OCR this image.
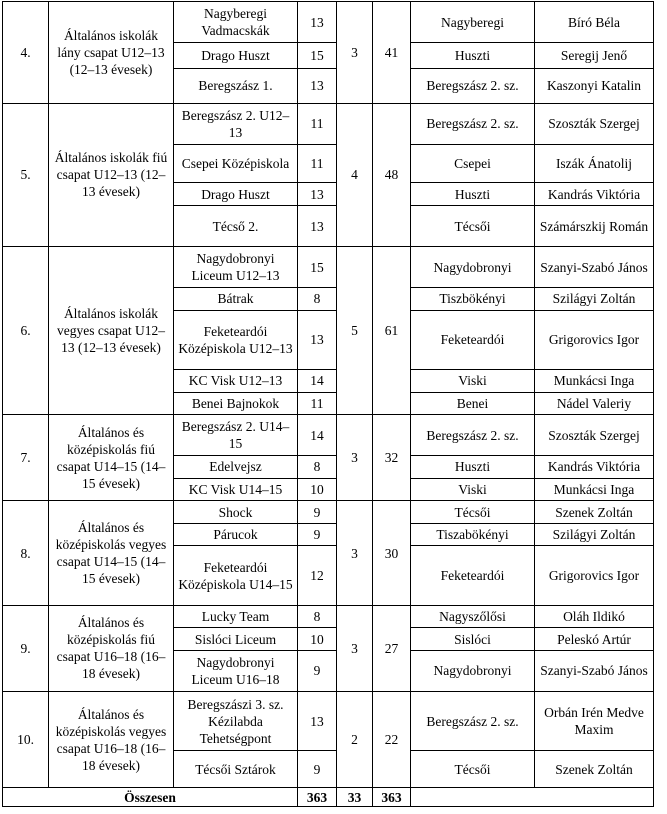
4.	Általános iskolák lány csapat U12–13 (12–13 évesek)	Nagyberegi Vadmacskák	13	3	41	Nagyberegi	Bíró Béla
		Drago Huszt	15			Huszti	Seregij Jenő
		Beregszász 1.	13			Beregszász 2. sz.	Kaszonyi Katalin
5.	Általános iskolák fiú csapat U12–13 (12–13 évesek)	Beregszász 2. U12–13	11	4	48	Beregszász 2. sz.	Szoszták Szergej
		Csepei Középiskola	11			Csepei	Iszák Ánatolij
		Drago Huszt	13			Huszti	Kandrás Viktória
		Técső 2.	13			Técsői	Számárszkij Román
6.	Általános iskolák vegyes csapat U12–13 (12–13 évesek)	Nagydobronyi Liceum U12–13	15	5	61	Nagydobronyi	Szanyi-Szabó János
		Bátrak	8			Tiszbökényi	Szilágyi Zoltán
		Feketeardói Középiskola U12–13	13			Feketeardói	Grigorovics Igor
		KC Visk U12–13	14			Viski	Munkácsi Inga
		Benei Bajnokok	11			Benei	Nádel Valeriy
7.	Általános és középiskolás fiú csapat U14–15 (14–15 évesek)	Beregszász 2. U14–15	14	3	32	Beregszász 2. sz.	Szoszták Szergej
		Edelvejsz	8			Huszti	Kandrás Viktória
		KC Visk U14–15	10			Viski	Munkácsi Inga
8.	Általános és középiskolás vegyes csapat U14–15 (14–15 évesek)	Shock	9	3	30	Técsői	Szenek Zoltán
		Párucok	9			Tiszabökényi	Szilágyi Zoltán
		Feketeardói Középiskola U14–15	12			Feketeardói	Grigorovics Igor
9.	Általános és középiskolás fiú csapat U16–18 (16–18 évesek)	Lucky Team	8	3	27	Nagyszőlősi	Oláh Ildikó
		Sislóci Liceum	10			Sislóci	Peleskó Artúr
		Nagydobronyi Liceum U16–18	9			Nagydobronyi	Szanyi-Szabó János
10.	Általános és középiskolás vegyes csapat U16–18 (16–18 évesek)	Beregszászi 3. sz. Kézilabda Tehetségpont	13	2	22	Beregszász 2. sz.	Orbán Irén Medve Maxim
		Técsői Sztárok	9			Técsői	Szenek Zoltán
Összesen			363	33	363		
